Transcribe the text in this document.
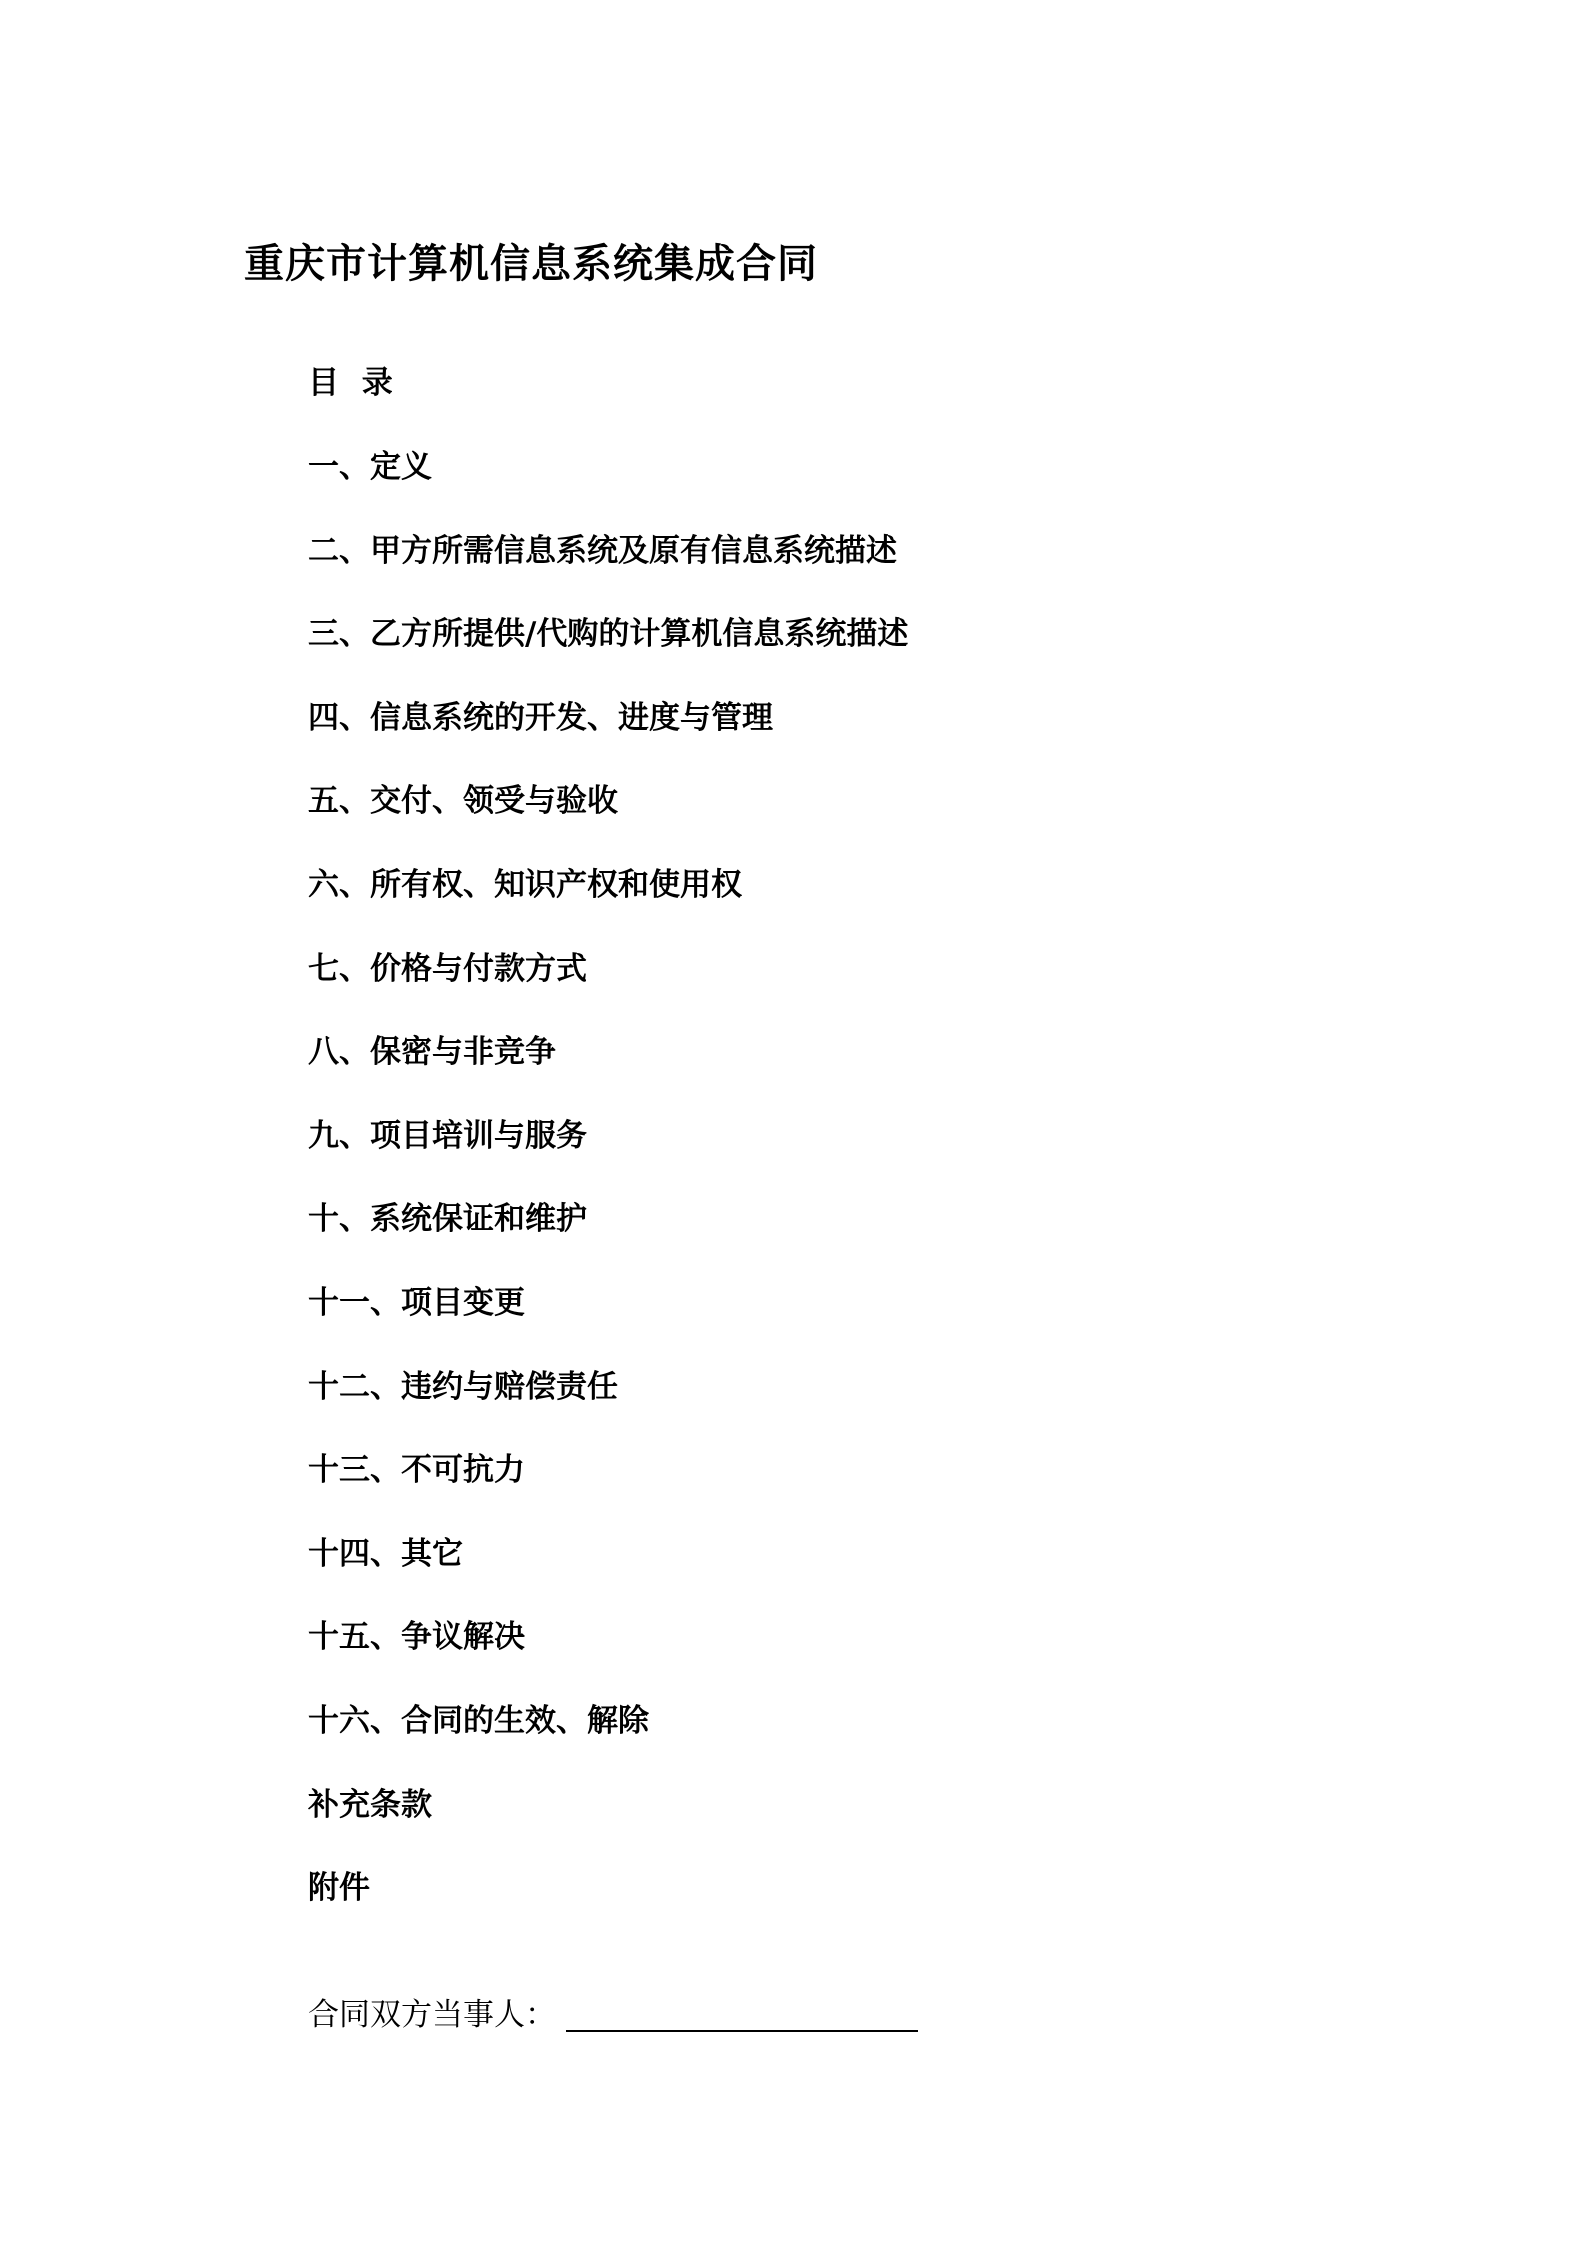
重庆市计算机信息系统集成合同
目 录
一、定义
二、甲方所需信息系统及原有信息系统描述
三、乙方所提供/代购的计算机信息系统描述
四、信息系统的开发、进度与管理
五、交付、领受与验收
六、所有权、知识产权和使用权
七、价格与付款方式
八、保密与非竞争
九、项目培训与服务
十、系统保证和维护
十一、项目变更
十二、违约与赔偿责任
十三、不可抗力
十四、其它
十五、争议解决
十六、合同的生效、解除
补充条款
附件
合同双方当事人：
